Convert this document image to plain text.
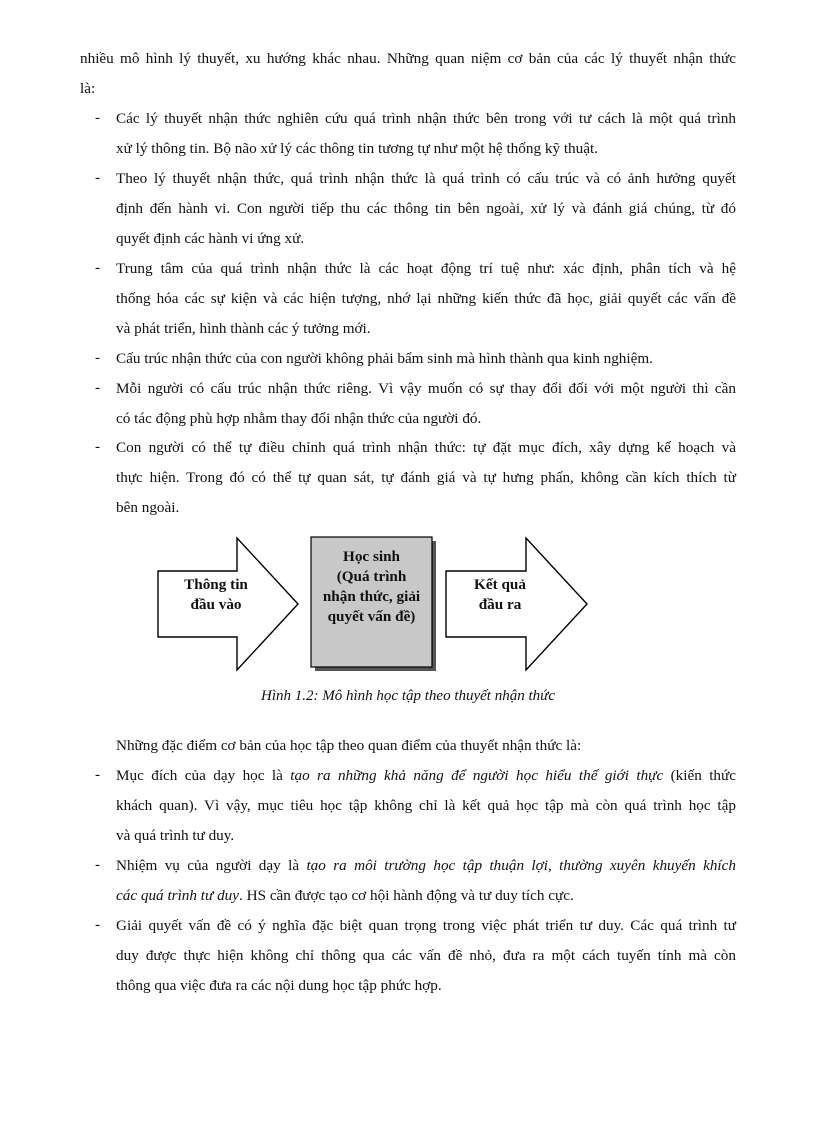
nhiều mô hình lý thuyết, xu hướng khác nhau. Những quan niệm cơ bản của các lý thuyết nhận thức
là:
- Các lý thuyết nhận thức nghiên cứu quá trình nhận thức bên trong với tư cách là một quá trình
xử lý thông tin. Bộ não xử lý các thông tin tương tự như một hệ thống kỹ thuật.
- Theo lý thuyết nhận thức, quá trình nhận thức là quá trình có cấu trúc và có ảnh hưởng quyết
định đến hành vi. Con người tiếp thu các thông tin bên ngoài, xử lý và đánh giá chúng, từ đó
quyết định các hành vi ứng xử.
- Trung tâm của quá trình nhận thức là các hoạt động trí tuệ như: xác định, phân tích và hệ
thống hóa các sự kiện và các hiện tượng, nhớ lại những kiến thức đã học, giải quyết các vấn đề
và phát triển, hình thành các ý tưởng mới.
- Cấu trúc nhận thức của con người không phải bẩm sinh mà hình thành qua kinh nghiệm.
- Mỗi người có cấu trúc nhận thức riêng. Vì vậy muốn có sự thay đổi đối với một người thì cần
có tác động phù hợp nhằm thay đổi nhận thức của người đó.
- Con người có thể tự điều chỉnh quá trình nhận thức: tự đặt mục đích, xây dựng kế hoạch và
thực hiện. Trong đó có thể tự quan sát, tự đánh giá và tự hưng phấn, không cần kích thích từ
bên ngoài.
Thông tin
đầu vào
Học sinh
(Quá trình
nhận thức, giải
quyết vấn đề)
Kết quả
đầu ra
Hình 1.2: Mô hình học tập theo thuyết nhận thức
Những đặc điểm cơ bản của học tập theo quan điểm của thuyết nhận thức là:
- Mục đích của dạy học là tạo ra những khả năng để người học hiểu thế giới thực (kiến thức
khách quan). Vì vậy, mục tiêu học tập không chỉ là kết quả học tập mà còn quá trình học tập
và quá trình tư duy.
- Nhiệm vụ của người dạy là tạo ra môi trường học tập thuận lợi, thường xuyên khuyến khích
các quá trình tư duy. HS cần được tạo cơ hội hành động và tư duy tích cực.
- Giải quyết vấn đề có ý nghĩa đặc biệt quan trọng trong việc phát triển tư duy. Các quá trình tư
duy được thực hiện không chỉ thông qua các vấn đề nhỏ, đưa ra một cách tuyến tính mà còn
thông qua việc đưa ra các nội dung học tập phức hợp.
